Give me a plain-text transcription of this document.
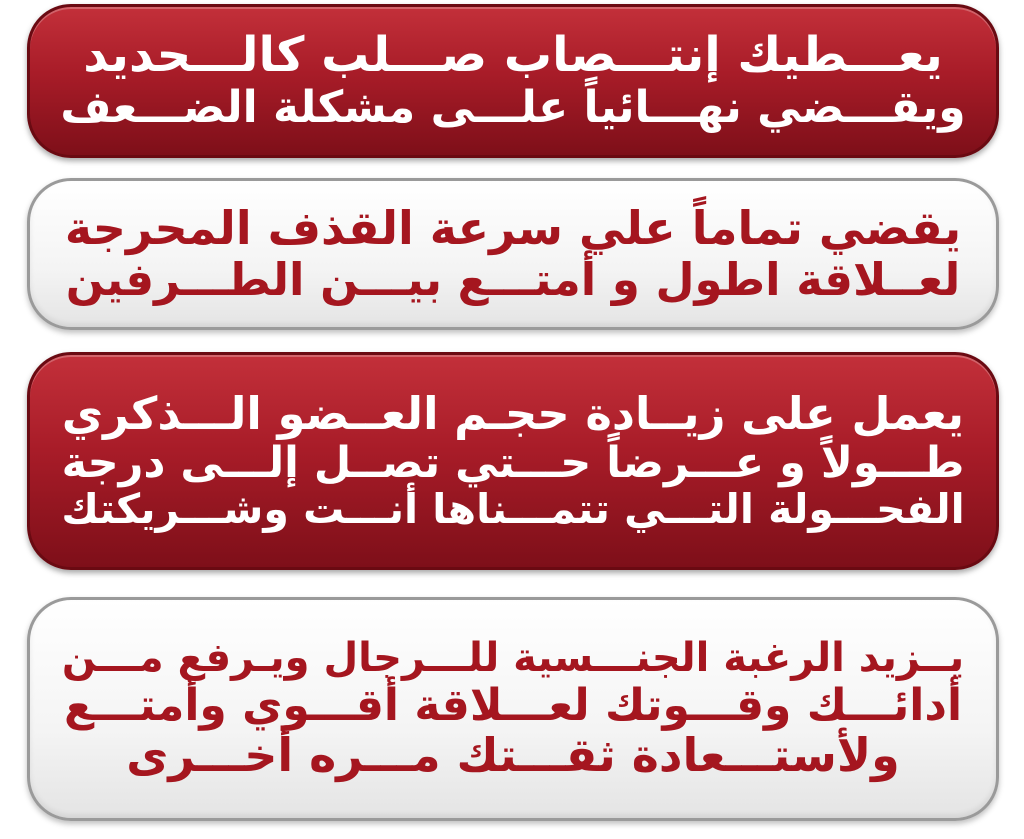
يعـــطيك إنتـــصاب صـــلب كالـــحديد
ويقـــضي نهـــائياً علـــى مشكلة الضـــعف
يقضي تماماً علي سرعة القذف المحرجة
لعــلاقة اطول و أمتـــع بيـــن الطـــرفين
يعمل على زيــادة حجـم العــضو الـــذكري
طـــولاً و عـــرضاً حـــتي تصــل إلـــى درجة
الفحـــولة التـــي تتمـــناها أنـــت وشـــريكتك
يــزيد الرغبة الجنـــسية للـــرجال ويـرفع مـــن
أدائـــك وقـــوتك لعـــلاقة أقـــوي وأمتـــع
ولأستـــعادة ثقـــتك مـــره أخـــرى
